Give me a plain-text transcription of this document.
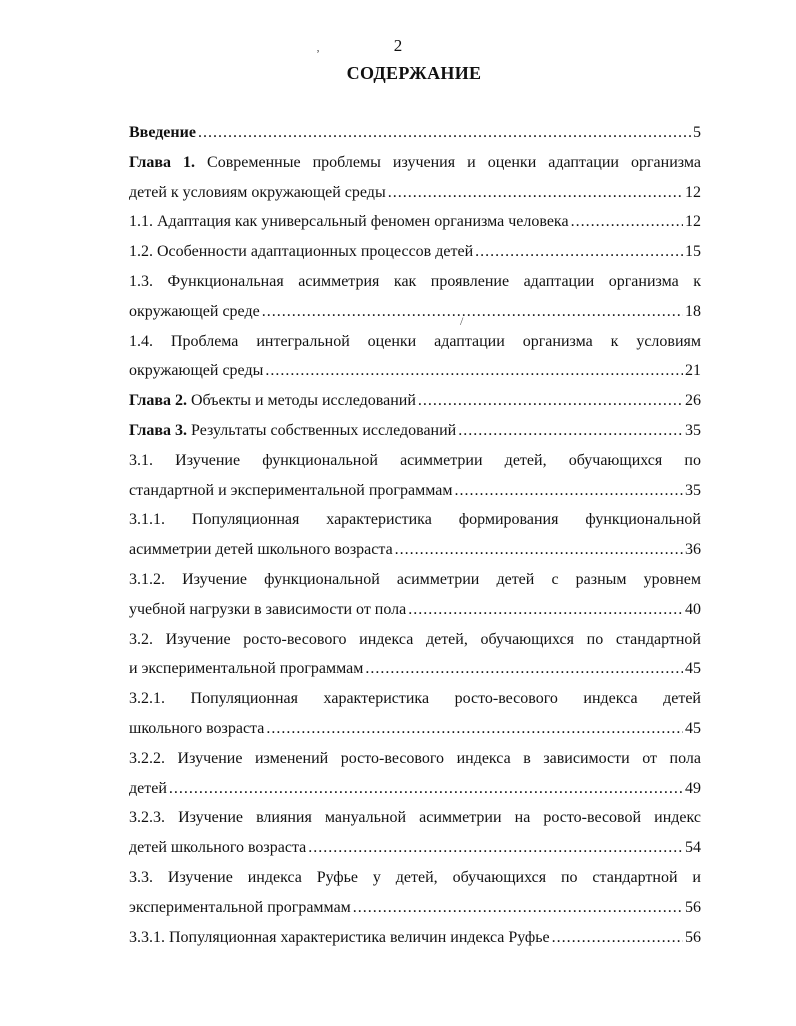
2
СОДЕРЖАНИЕ
‚
/
Введение .....	5
Глава 1. Современные проблемы изучения и оценки адаптации организма
детей к условиям окружающей среды .....	12
1.1. Адаптация как универсальный феномен организма человека .....	12
1.2. Особенности адаптационных процессов детей .....	15
1.3. Функциональная асимметрия как проявление адаптации организма к
окружающей среде .....	18
1.4. Проблема интегральной оценки адаптации организма к условиям
окружающей среды .....	21
Глава 2. Объекты и методы исследований .....	26
Глава 3. Результаты собственных исследований .....	35
3.1. Изучение функциональной асимметрии детей, обучающихся по
стандартной и экспериментальной программам .....	35
3.1.1. Популяционная характеристика формирования функциональной
асимметрии детей школьного возраста .....	36
3.1.2. Изучение функциональной асимметрии детей с разным уровнем
учебной нагрузки в зависимости от пола .....	40
3.2. Изучение росто-весового индекса детей, обучающихся по стандартной
и экспериментальной программам .....	45
3.2.1. Популяционная характеристика росто-весового индекса детей
школьного возраста .....	45
3.2.2. Изучение изменений росто-весового индекса в зависимости от пола
детей .....	49
3.2.3. Изучение влияния мануальной асимметрии на росто-весовой индекс
детей школьного возраста .....	54
3.3. Изучение индекса Руфье у детей, обучающихся по стандартной и
экспериментальной программам .....	56
3.3.1. Популяционная характеристика величин индекса Руфье .....	56
